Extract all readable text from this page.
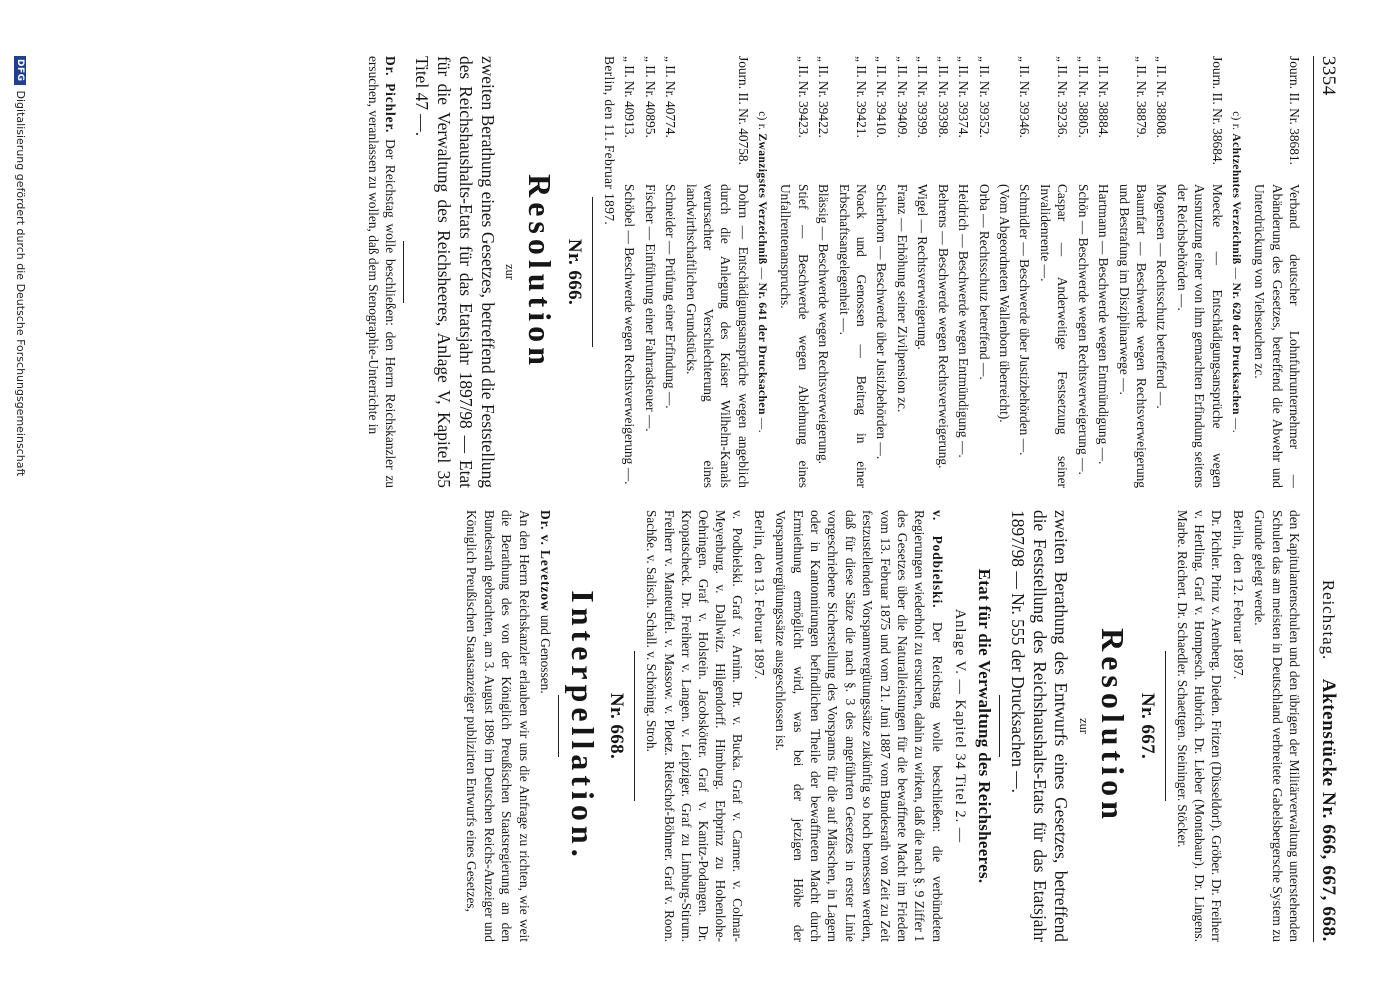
3354
Reichstag.    Aktenstücke Nr. 666, 667, 668.
Journ. II. Nr. 38681.
Verband deutscher Lohnfuhrunternehmer — Abänderung des Gesetzes, betreffend die Abwehr und Unterdrückung von Viehseuchen zc.
c) r. Achtzehntes Verzeichniß — Nr. 620 der Drucksachen —.
Journ. II. Nr. 38684.
Moecke — Entschädigungsansprüche wegen Ausnutzung einer von ihm gemachten Erfindung seitens der Reichsbehörden —.
„ II. Nr. 38808.
Mogensen — Rechtsschutz betreffend —.
„ II. Nr. 38879.
Baumfart — Beschwerde wegen Rechtsverweigerung und Bestrafung im Disziplinarwege —.
„ II. Nr. 38884.
Hartmann — Beschwerde wegen Entmündigung —.
„ II. Nr. 38805.
Schön — Beschwerde wegen Rechtsverweigerung —.
„ II. Nr. 39236.
Caspar — Anderweitige Festsetzung seiner Invalidenrente —.
„ II. Nr. 39346.
Schmidler — Beschwerde über Justizbehörden —.
(Vom Abgeordneten Wallenborn überreicht).
„ II. Nr. 39352.
Orba — Rechtsschutz betreffend —.
„ II. Nr. 39374.
Heidrich — Beschwerde wegen Entmündigung —.
„ II. Nr. 39398.
Behrens — Beschwerde wegen Rechtsverweigerung.
„ II. Nr. 39399.
Wigel — Rechtsverweigerung.
„ II. Nr. 39409.
Franz — Erhöhung seiner Zivilpension zc.
„ II. Nr. 39410.
Schierhorn — Beschwerde über Justizbehörden —.
„ II. Nr. 39421.
Noack und Genossen — Beitrag in einer Erbschaftsangelegenheit —.
„ II. Nr. 39422.
Blässig — Beschwerde wegen Rechtsverweigerung.
„ II. Nr. 39423.
Stief — Beschwerde wegen Ablehnung eines Unfallrentenanspruchs.
c) r. Zwanzigstes Verzeichniß — Nr. 641 der Drucksachen —.
Journ. II. Nr. 40758.
Dohrn — Entschädigungsansprüche wegen angeblich durch die Anlegung des Kaiser Wilhelm-Kanals verursachter Verschlechterung eines landwirthschaftlichen Grundstücks.
„ II. Nr. 40774.
Schneider — Prüfung einer Erfindung —.
„ II. Nr. 40895.
Fischer — Einführung einer Fahrradsteuer —.
„ II. Nr. 40913.
Schöbel — Beschwerde wegen Rechtsverweigerung —.

Berlin, den 11. Februar 1897.

Nr. 666.

Resolution

zur

zweiten Berathung eines Gesetzes, betreffend die Feststellung des Reichshaushalts-Etats für das Etatsjahr 1897/98 — Etat für die Verwaltung des Reichsheeres, Anlage V, Kapitel 35 Titel 47 —.

Dr. Pichler. Der Reichstag wolle beschließen: den Herrn Reichskanzler zu ersuchen, veranlassen zu wollen, daß dem Stenographie-Unterrichte in

den Kapitulantenschulen und den übrigen der Militärverwaltung unterstehenden Schulen das am meisten in Deutschland verbreitete Gabelsbergersche System zu Grunde gelegt werde.

Berlin, den 12. Februar 1897.

Dr. Pichler. Prinz v. Arenberg. Dieden. Fritzen (Düsseldorf). Gröber. Dr. Freiherr v. Hertling. Graf v. Hompesch. Hubrich. Dr. Lieber (Montabaur). Dr. Lingens. Marbe. Reichert. Dr. Schaedler. Schaettgen. Steininger. Stöcker.

Nr. 667.

Resolution

zur

zweiten Berathung des Entwurfs eines Gesetzes, betreffend die Feststellung des Reichshaushalts-Etats für das Etatsjahr 1897/98 — Nr. 555 der Drucksachen —.

Etat für die Verwaltung des Reichsheeres.

Anlage V. — Kapitel 34 Titel 2. —

v. Podbielski. Der Reichstag wolle beschließen: die verbündeten Regierungen wiederholt zu ersuchen, dahin zu wirken, daß die nach §. 9 Ziffer 1 des Gesetzes über die Naturalleistungen für die bewaffnete Macht im Frieden vom 13. Februar 1875 und vom 21. Juni 1887 vom Bundesrath von Zeit zu Zeit festzustellenden Vorspannvergütungssätze zukünftig so hoch bemessen werden, daß für diese Sätze die nach §. 3 des angeführten Gesetzes in erster Linie vorgeschriebene Sicherstellung des Vorspanns für die auf Märschen, in Lagern oder in Kantonnirungen befindlichen Theile der bewaffneten Macht durch Ermiethung ermöglicht wird, was bei der jetzigen Höhe der Vorspannvergütungssätze ausgeschlossen ist.

Berlin, den 13. Februar 1897.

v. Podbielski. Graf v. Arnim. Dr. v. Bucka. Graf v. Carmer. v. Colmar-Meyenburg. v. Dallwitz. Hilgendorff. Himburg. Erbprinz zu Hohenlohe-Oehringen. Graf v. Holstein. Jacobskötter. Graf v. Kanitz-Podangen. Dr. Kropatscheck. Dr. Freiherr v. Langen. v. Leipziger. Graf zu Limburg-Stirum. Freiherr v. Manteuffel. v. Massow. v. Ploetz. Rietschof-Böhmer. Graf v. Roon. Sachße. v. Salisch. Schall. v. Schöning. Stroh.

Nr. 668.

Interpellation.

Dr. v. Levetzow und Genossen.

An den Herrn Reichskanzler erlauben wir uns die Anfrage zu richten, wie weit die Berathung des von der Königlich Preußischen Staatsregierung an den Bundesrath gebrachten, am 3. August 1896 im Deutschen Reichs-Anzeiger und Königlich Preußischen Staatsanzeiger publizirten Entwurfs eines Gesetzes,

DFG
Digitalisierung gefördert durch die Deutsche Forschungsgemeinschaft
